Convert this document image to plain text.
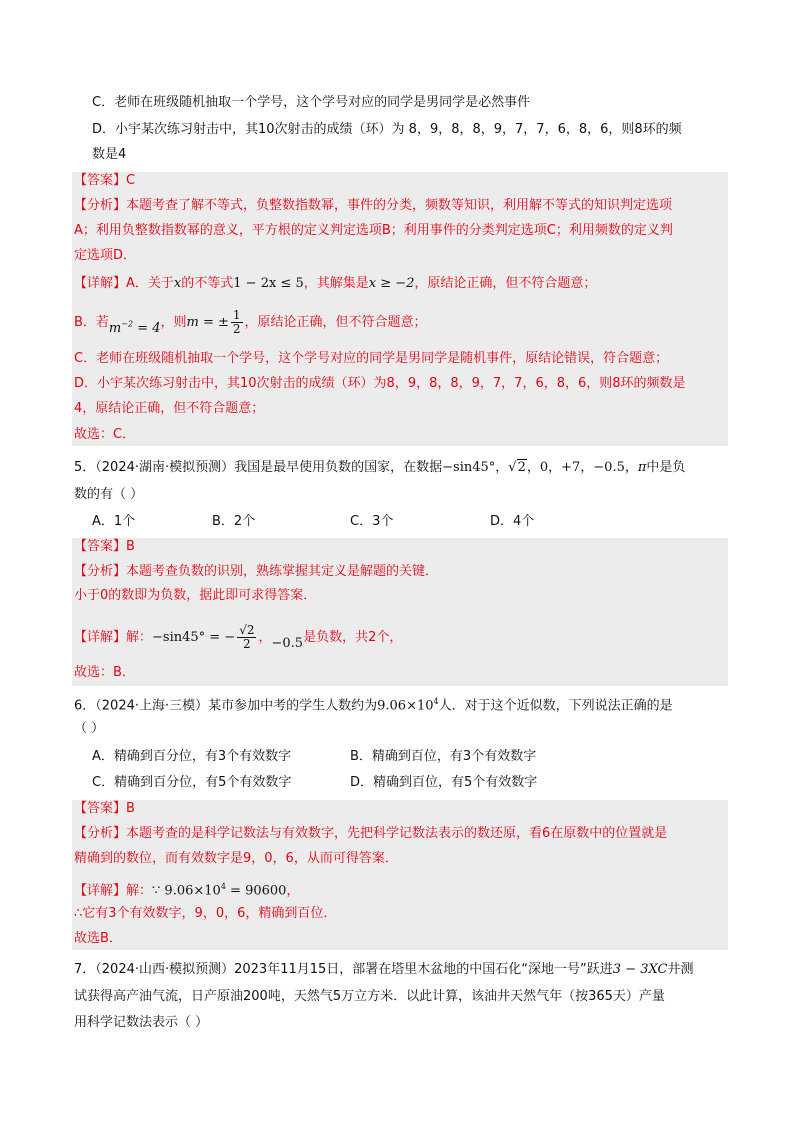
C．老师在班级随机抽取一个学号，这个学号对应的同学是男同学是必然事件
D．小宇某次练习射击中，其10次射击的成绩（环）为 8，9，8，8，9，7，7，6，8，6，则8环的频
数是4
【答案】C
【分析】本题考查了解不等式，负整数指数幂，事件的分类，频数等知识，利用解不等式的知识判定选项
A；利用负整数指数幂的意义，平方根的定义判定选项B；利用事件的分类判定选项C；利用频数的定义判
定选项D．
【详解】A．关于x的不等式1 − 2x ≤ 5，其解集是x ≥ −2，原结论正确，但不符合题意；
B．若$m^{-2} = 4$，则m = ± $\frac{1}{2}$ ，原结论正确，但不符合题意；
C．老师在班级随机抽取一个学号，这个学号对应的同学是男同学是随机事件，原结论错误，符合题意；
D．小宇某次练习射击中，其10次射击的成绩（环）为8，9，8，8，9，7，7，6，8，6，则8环的频数是
4，原结论正确，但不符合题意；
故选：C．
5．（2024·湖南·模拟预测）我国是最早使用负数的国家，在数据−sin45°，√2，0，+7，−0.5，π中是负
数的有（ ）
A．1个	B．2个	C．3个	D．4个
【答案】B
【分析】本题考查负数的识别，熟练掌握其定义是解题的关键．
小于0的数即为负数，据此即可求得答案．
【详解】解：−sin45° = − $\frac{√2}{2}$ ，−0.5是负数，共2个，
故选：B．
6．（2024·上海·三模）某市参加中考的学生人数约为$9.06\times 10^4$人．对于这个近似数，下列说法正确的是
（ ）
A．精确到百分位，有3个有效数字	B．精确到百位，有3个有效数字
C．精确到百分位，有5个有效数字	D．精确到百位，有5个有效数字
【答案】B
【分析】本题考查的是科学记数法与有效数字，先把科学记数法表示的数还原，看6在原数中的位置就是
精确到的数位，而有效数字是9，0，6，从而可得答案．
【详解】解：∵ $9.06\times 10^4 = 90600$，
∴它有3个有效数字，9，0，6，精确到百位．
故选B．
7．（2024·山西·模拟预测）2023年11月15日，部署在塔里木盆地的中国石化“深地一号”跃进3 − 3XC井测
试获得高产油气流，日产原油200吨，天然气5万立方米．以此计算，该油井天然气年（按365天）产量
用科学记数法表示（ ）
